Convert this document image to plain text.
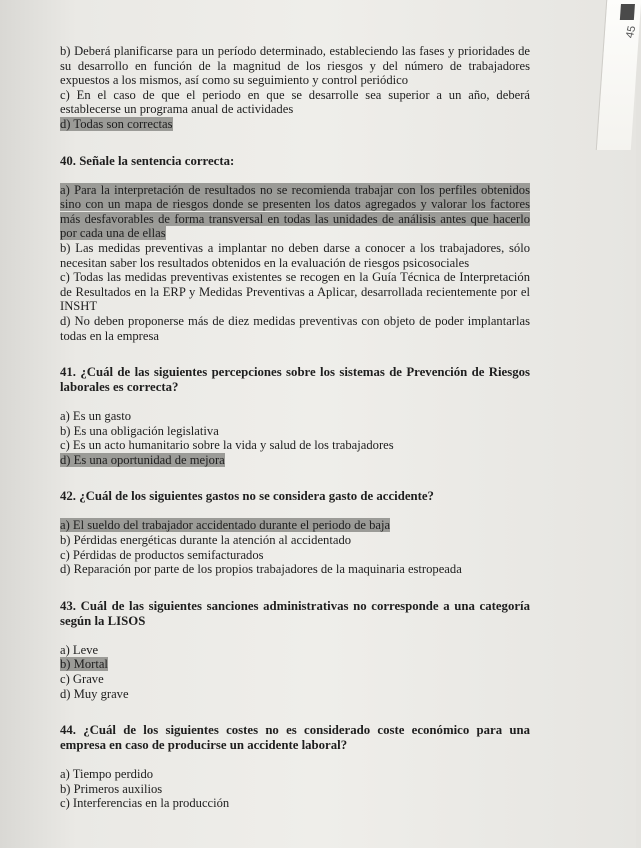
45

b) Deberá planificarse para un período determinado, estableciendo las fases y prioridades de su desarrollo en función de la magnitud de los riesgos y del número de trabajadores expuestos a los mismos, así como su seguimiento y control periódico

c) En el caso de que el periodo en que se desarrolle sea superior a un año, deberá establecerse un programa anual de actividades

d) Todas son correctas

40. Señale la sentencia correcta:

a) Para la interpretación de resultados no se recomienda trabajar con los perfiles obtenidos sino con un mapa de riesgos donde se presenten los datos agregados y valorar los factores más desfavorables de forma transversal en todas las unidades de análisis antes que hacerlo por cada una de ellas

b) Las medidas preventivas a implantar no deben darse a conocer a los trabajadores, sólo necesitan saber los resultados obtenidos en la evaluación de riesgos psicosociales

c) Todas las medidas preventivas existentes se recogen en la Guía Técnica de Interpretación de Resultados en la ERP y Medidas Preventivas a Aplicar, desarrollada recientemente por el INSHT

d) No deben proponerse más de diez medidas preventivas con objeto de poder implantarlas todas en la empresa

41. ¿Cuál de las siguientes percepciones sobre los sistemas de Prevención de Riesgos laborales es correcta?

a) Es un gasto

b) Es una obligación legislativa

c) Es un acto humanitario sobre la vida y salud de los trabajadores

d) Es una oportunidad de mejora

42. ¿Cuál de los siguientes gastos no se considera gasto de accidente?

a) El sueldo del trabajador accidentado durante el periodo de baja

b) Pérdidas energéticas durante la atención al accidentado

c) Pérdidas de productos semifacturados

d) Reparación por parte de los propios trabajadores de la maquinaria estropeada

43. Cuál de las siguientes sanciones administrativas no corresponde a una categoría según la LISOS

a) Leve

b) Mortal

c) Grave

d) Muy grave

44. ¿Cuál de los siguientes costes no es considerado coste económico para una empresa en caso de producirse un accidente laboral?

a) Tiempo perdido

b) Primeros auxilios

c) Interferencias en la producción
